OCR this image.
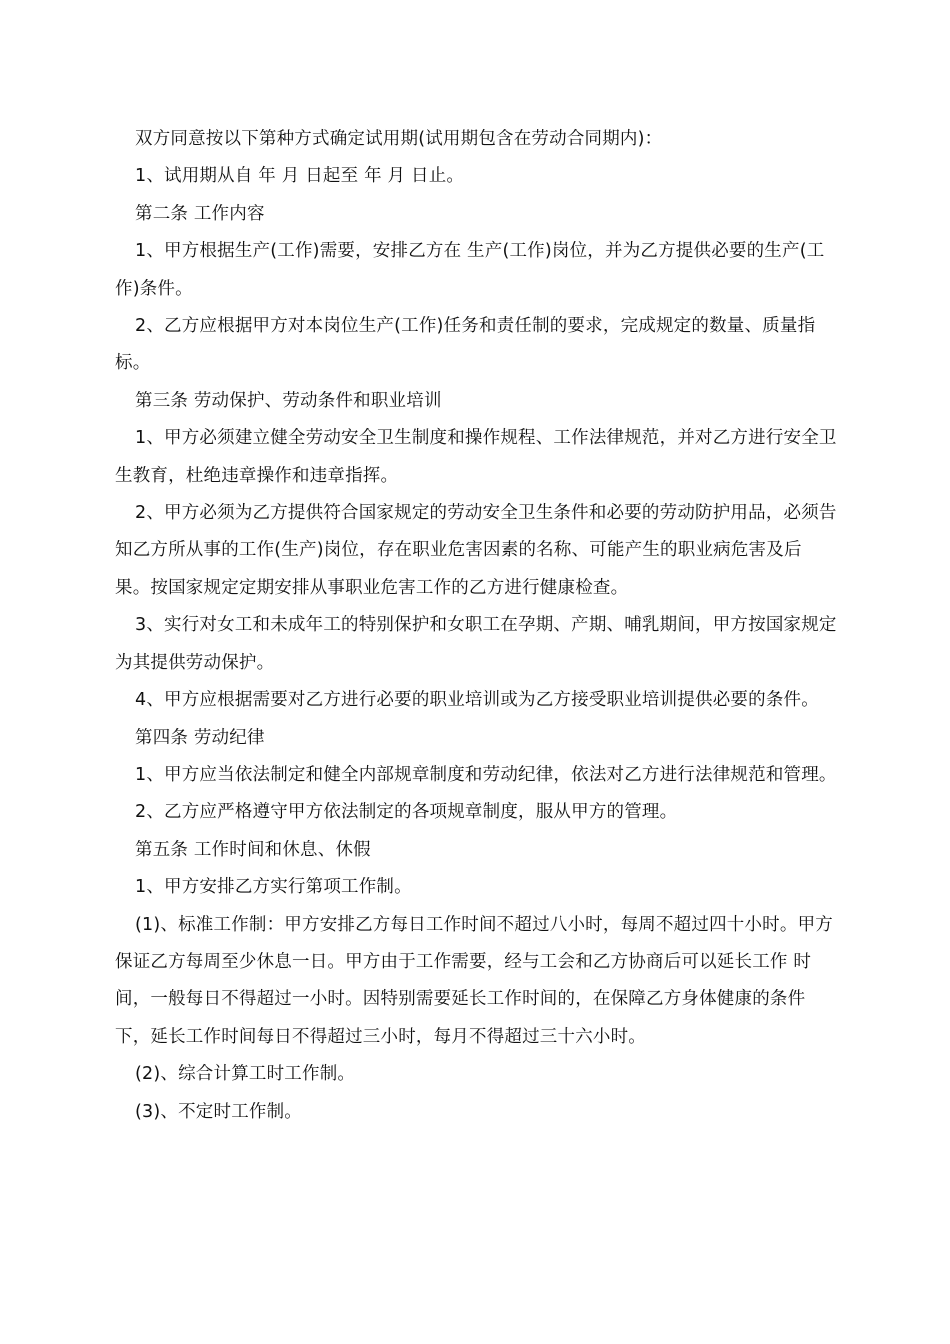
双方同意按以下第种方式确定试用期(试用期包含在劳动合同期内)：

1、试用期从自 年 月 日起至 年 月 日止。

第二条 工作内容

1、甲方根据生产(工作)需要，安排乙方在 生产(工作)岗位，并为乙方提供必要的生产(工作)条件。

2、乙方应根据甲方对本岗位生产(工作)任务和责任制的要求，完成规定的数量、质量指标。

第三条 劳动保护、劳动条件和职业培训

1、甲方必须建立健全劳动安全卫生制度和操作规程、工作法律规范，并对乙方进行安全卫生教育，杜绝违章操作和违章指挥。

2、甲方必须为乙方提供符合国家规定的劳动安全卫生条件和必要的劳动防护用品，必须告知乙方所从事的工作(生产)岗位，存在职业危害因素的名称、可能产生的职业病危害及后果。按国家规定定期安排从事职业危害工作的乙方进行健康检查。

3、实行对女工和未成年工的特别保护和女职工在孕期、产期、哺乳期间，甲方按国家规定为其提供劳动保护。

4、甲方应根据需要对乙方进行必要的职业培训或为乙方接受职业培训提供必要的条件。

第四条 劳动纪律

1、甲方应当依法制定和健全内部规章制度和劳动纪律，依法对乙方进行法律规范和管理。

2、乙方应严格遵守甲方依法制定的各项规章制度，服从甲方的管理。

第五条 工作时间和休息、休假

1、甲方安排乙方实行第项工作制。

(1)、标准工作制：甲方安排乙方每日工作时间不超过八小时，每周不超过四十小时。甲方保证乙方每周至少休息一日。甲方由于工作需要，经与工会和乙方协商后可以延长工作 时间，一般每日不得超过一小时。因特别需要延长工作时间的，在保障乙方身体健康的条件下，延长工作时间每日不得超过三小时，每月不得超过三十六小时。

(2)、综合计算工时工作制。

(3)、不定时工作制。
